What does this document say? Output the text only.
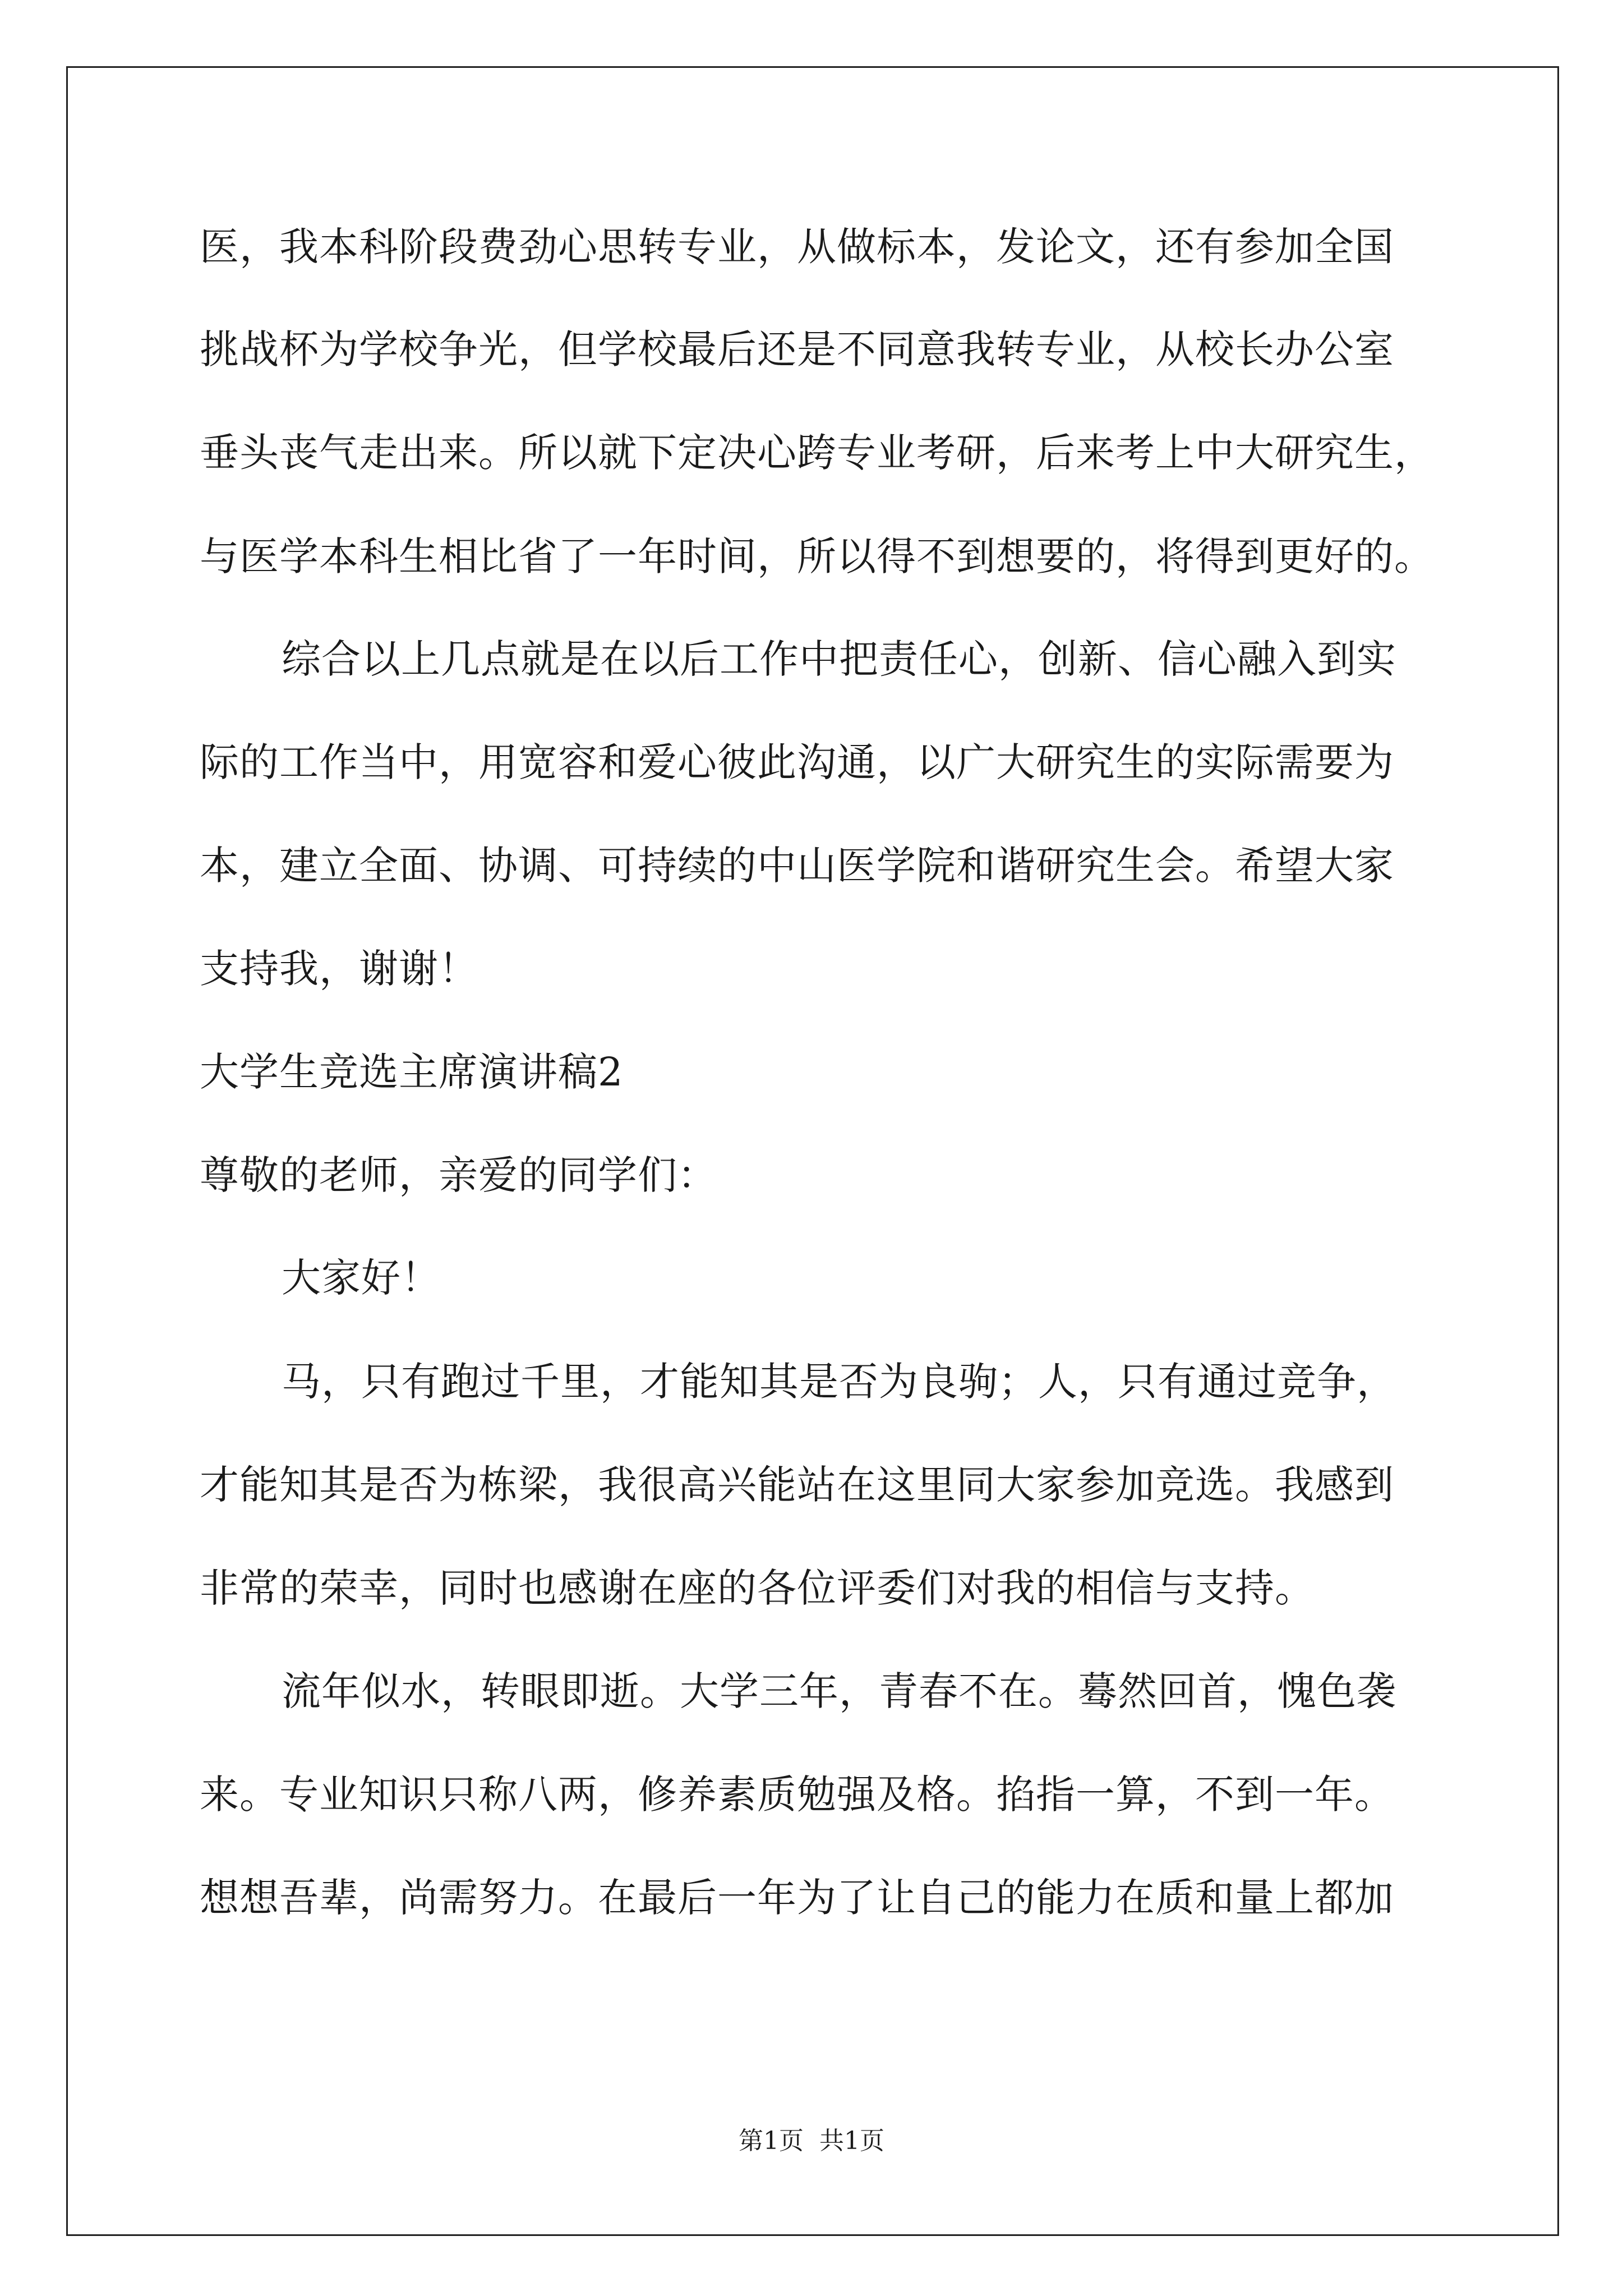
医，我本科阶段费劲心思转专业，从做标本，发论文，还有参加全国
挑战杯为学校争光，但学校最后还是不同意我转专业，从校长办公室
垂头丧气走出来。所以就下定决心跨专业考研，后来考上中大研究生，
与医学本科生相比省了一年时间，所以得不到想要的，将得到更好的。
综合以上几点就是在以后工作中把责任心，创新、信心融入到实
际的工作当中，用宽容和爱心彼此沟通，以广大研究生的实际需要为
本，建立全面、协调、可持续的中山医学院和谐研究生会。希望大家
支持我，谢谢！
大学生竞选主席演讲稿2
尊敬的老师，亲爱的同学们：
大家好！
马，只有跑过千里，才能知其是否为良驹；人，只有通过竞争，
才能知其是否为栋梁，我很高兴能站在这里同大家参加竞选。我感到
非常的荣幸，同时也感谢在座的各位评委们对我的相信与支持。
流年似水，转眼即逝。大学三年，青春不在。蓦然回首，愧色袭
来。专业知识只称八两，修养素质勉强及格。掐指一算，不到一年。
想想吾辈，尚需努力。在最后一年为了让自己的能力在质和量上都加
第1页  共1页
